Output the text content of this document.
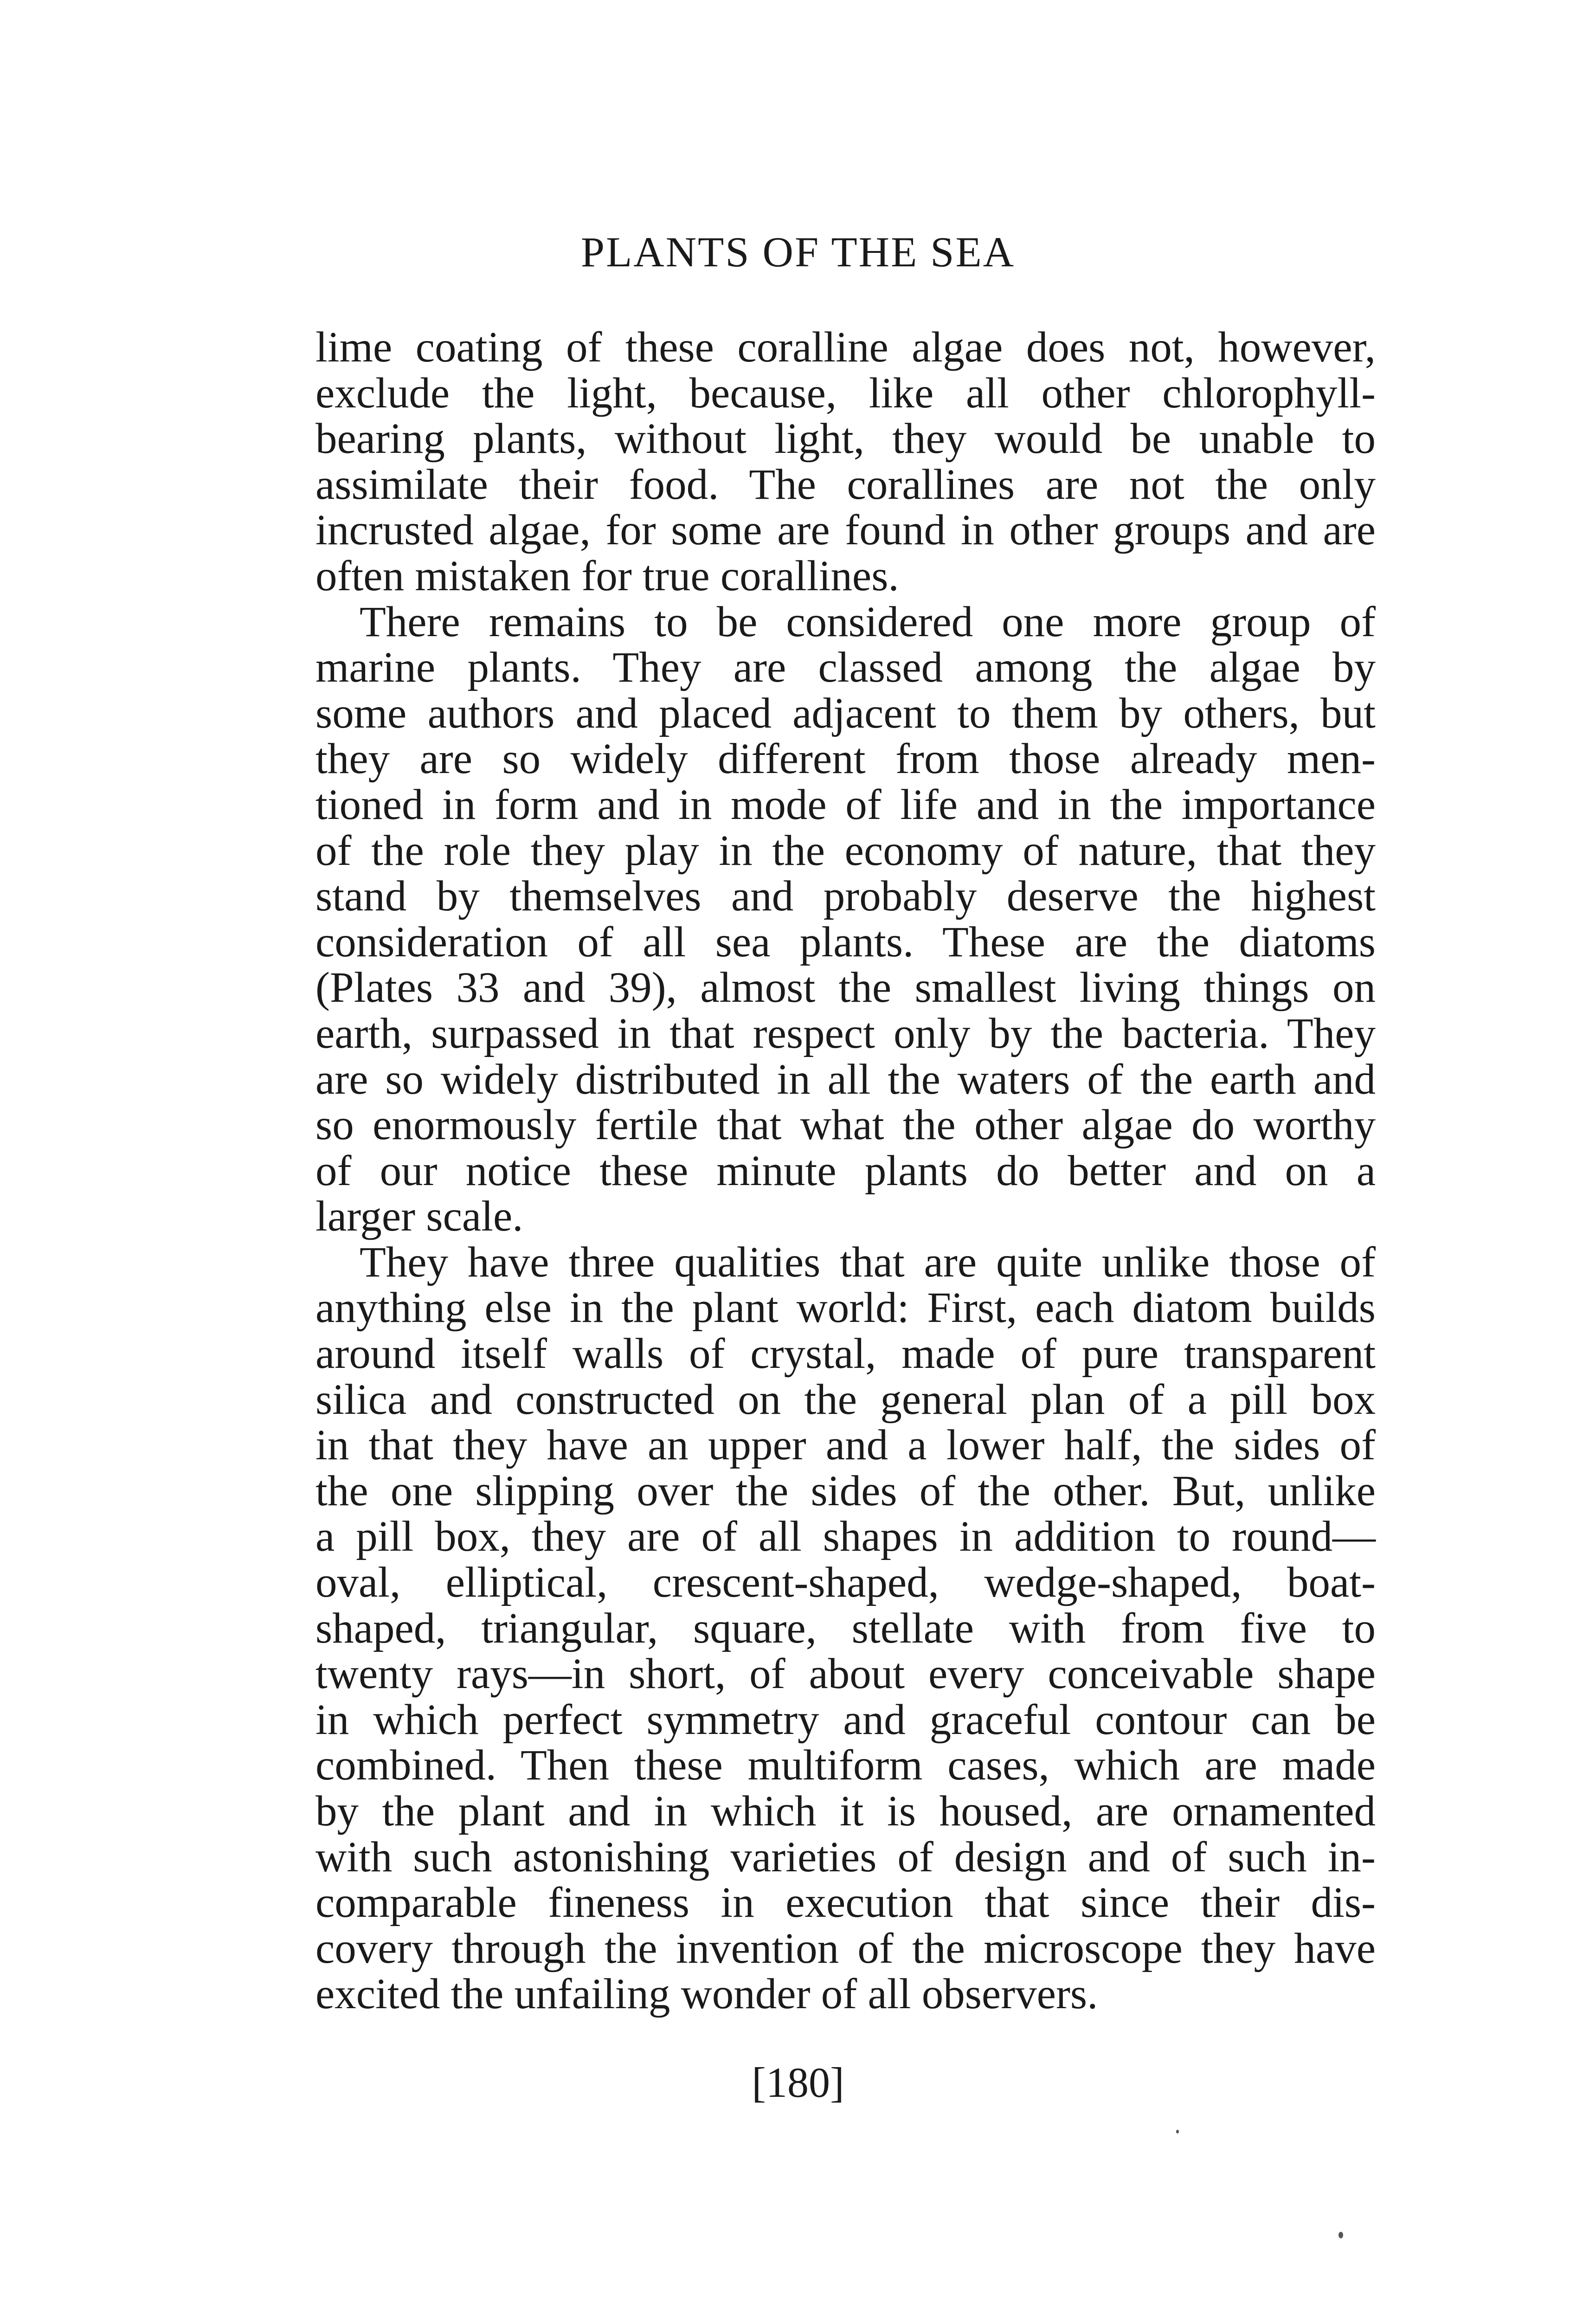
PLANTS OF THE SEA
lime coating of these coralline algae does not, however,
exclude the light, because, like all other chlorophyll-
bearing plants, without light, they would be unable to
assimilate their food. The corallines are not the only
incrusted algae, for some are found in other groups and are
often mistaken for true corallines.
There remains to be considered one more group of
marine plants. They are classed among the algae by
some authors and placed adjacent to them by others, but
they are so widely different from those already men-
tioned in form and in mode of life and in the importance
of the role they play in the economy of nature, that they
stand by themselves and probably deserve the highest
consideration of all sea plants. These are the diatoms
(Plates 33 and 39), almost the smallest living things on
earth, surpassed in that respect only by the bacteria. They
are so widely distributed in all the waters of the earth and
so enormously fertile that what the other algae do worthy
of our notice these minute plants do better and on a
larger scale.
They have three qualities that are quite unlike those of
anything else in the plant world: First, each diatom builds
around itself walls of crystal, made of pure transparent
silica and constructed on the general plan of a pill box
in that they have an upper and a lower half, the sides of
the one slipping over the sides of the other. But, unlike
a pill box, they are of all shapes in addition to round—
oval, elliptical, crescent-shaped, wedge-shaped, boat-
shaped, triangular, square, stellate with from five to
twenty rays—in short, of about every conceivable shape
in which perfect symmetry and graceful contour can be
combined. Then these multiform cases, which are made
by the plant and in which it is housed, are ornamented
with such astonishing varieties of design and of such in-
comparable fineness in execution that since their dis-
covery through the invention of the microscope they have
excited the unfailing wonder of all observers.
[180]
